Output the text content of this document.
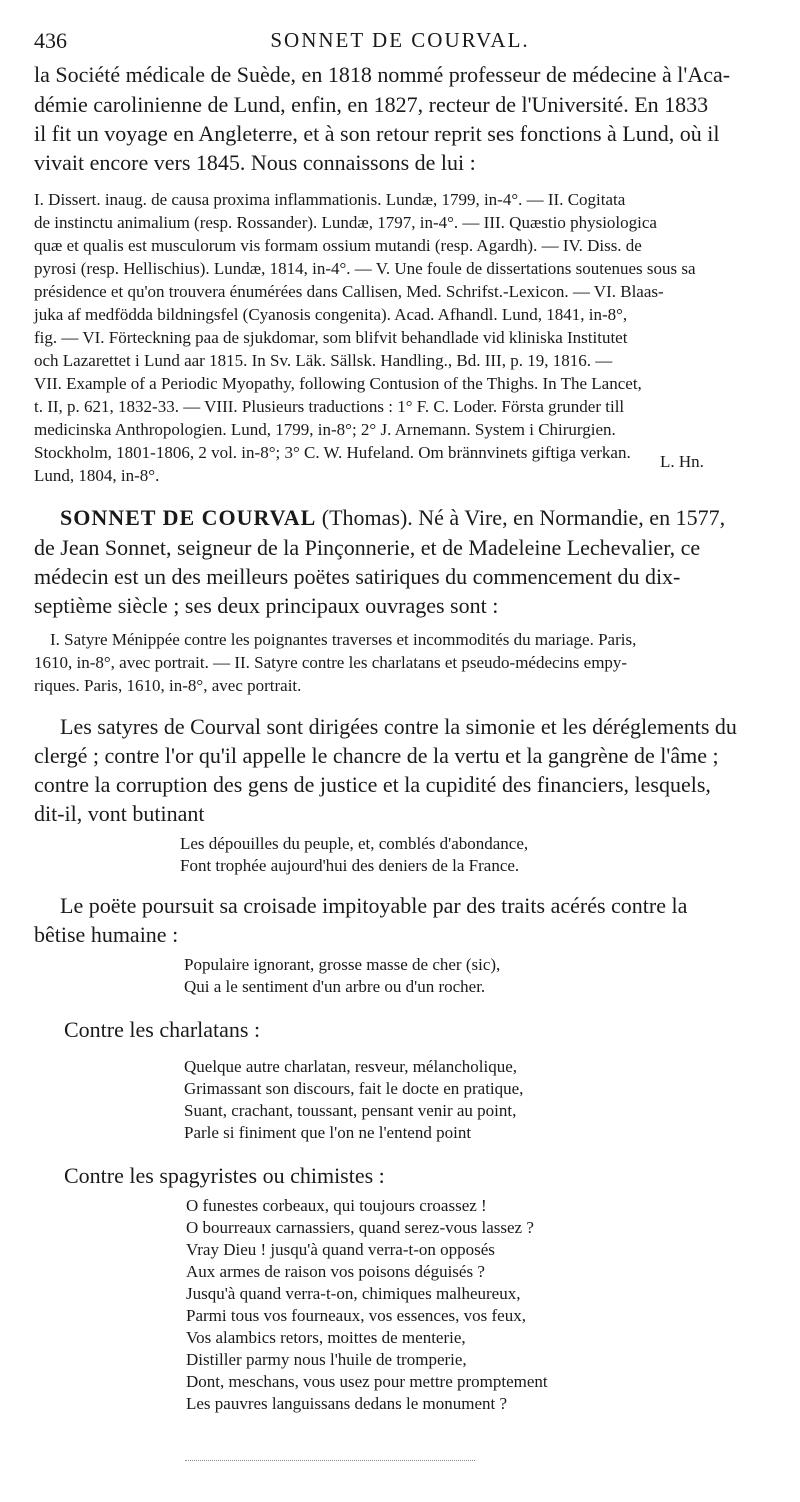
436	SONNET DE COURVAL.
la Société médicale de Suède, en 1818 nommé professeur de médecine à l'Aca-
démie carolinienne de Lund, enfin, en 1827, recteur de l'Université. En 1833
il fit un voyage en Angleterre, et à son retour reprit ses fonctions à Lund, où il
vivait encore vers 1845. Nous connaissons de lui :
I. Dissert. inaug. de causa proxima inflammationis. Lundæ, 1799, in-4°. — II. Cogitata
de instinctu animalium (resp. Rossander). Lundæ, 1797, in-4°. — III. Quæstio physiologica
quæ et qualis est musculorum vis formam ossium mutandi (resp. Agardh). — IV. Diss. de
pyrosi (resp. Hellischius). Lundæ, 1814, in-4°. — V. Une foule de dissertations soutenues sous sa
présidence et qu'on trouvera énumérées dans Callisen, Med. Schrifst.-Lexicon. — VI. Blaas-
juka af medfödda bildningsfel (Cyanosis congenita). Acad. Afhandl. Lund, 1841, in-8°,
fig. — VI. Förteckning paa de sjukdomar, som blifvit behandlade vid kliniska Institutet
och Lazarettet i Lund aar 1815. In Sv. Läk. Sällsk. Handling., Bd. III, p. 19, 1816. —
VII. Example of a Periodic Myopathy, following Contusion of the Thighs. In The Lancet,
t. II, p. 621, 1832-33. — VIII. Plusieurs traductions : 1° F. C. Loder. Första grunder till
medicinska Anthropologien. Lund, 1799, in-8°; 2° J. Arnemann. System i Chirurgien.
Stockholm, 1801-1806, 2 vol. in-8°; 3° C. W. Hufeland. Om brännvinets giftiga verkan.
Lund, 1804, in-8°.
L. Hn.
SONNET DE COURVAL (Thomas). Né à Vire, en Normandie, en 1577,
de Jean Sonnet, seigneur de la Pinçonnerie, et de Madeleine Lechevalier, ce
médecin est un des meilleurs poëtes satiriques du commencement du dix-
septième siècle ; ses deux principaux ouvrages sont :
I. Satyre Ménippée contre les poignantes traverses et incommodités du mariage. Paris,
1610, in-8°, avec portrait. — II. Satyre contre les charlatans et pseudo-médecins empy-
riques. Paris, 1610, in-8°, avec portrait.
Les satyres de Courval sont dirigées contre la simonie et les déréglements du
clergé ; contre l'or qu'il appelle le chancre de la vertu et la gangrène de l'âme ;
contre la corruption des gens de justice et la cupidité des financiers, lesquels,
dit-il, vont butinant
Les dépouilles du peuple, et, comblés d'abondance,
Font trophée aujourd'hui des deniers de la France.
Le poëte poursuit sa croisade impitoyable par des traits acérés contre la
bêtise humaine :
Populaire ignorant, grosse masse de cher (sic),
Qui a le sentiment d'un arbre ou d'un rocher.
Contre les charlatans :
Quelque autre charlatan, resveur, mélancholique,
Grimassant son discours, fait le docte en pratique,
Suant, crachant, toussant, pensant venir au point,
Parle si finiment que l'on ne l'entend point
Contre les spagyristes ou chimistes :
O funestes corbeaux, qui toujours croassez !
O bourreaux carnassiers, quand serez-vous lassez ?
Vray Dieu ! jusqu'à quand verra-t-on opposés
Aux armes de raison vos poisons déguisés ?
Jusqu'à quand verra-t-on, chimiques malheureux,
Parmi tous vos fourneaux, vos essences, vos feux,
Vos alambics retors, moittes de menterie,
Distiller parmy nous l'huile de tromperie,
Dont, meschans, vous usez pour mettre promptement
Les pauvres languissans dedans le monument ?
